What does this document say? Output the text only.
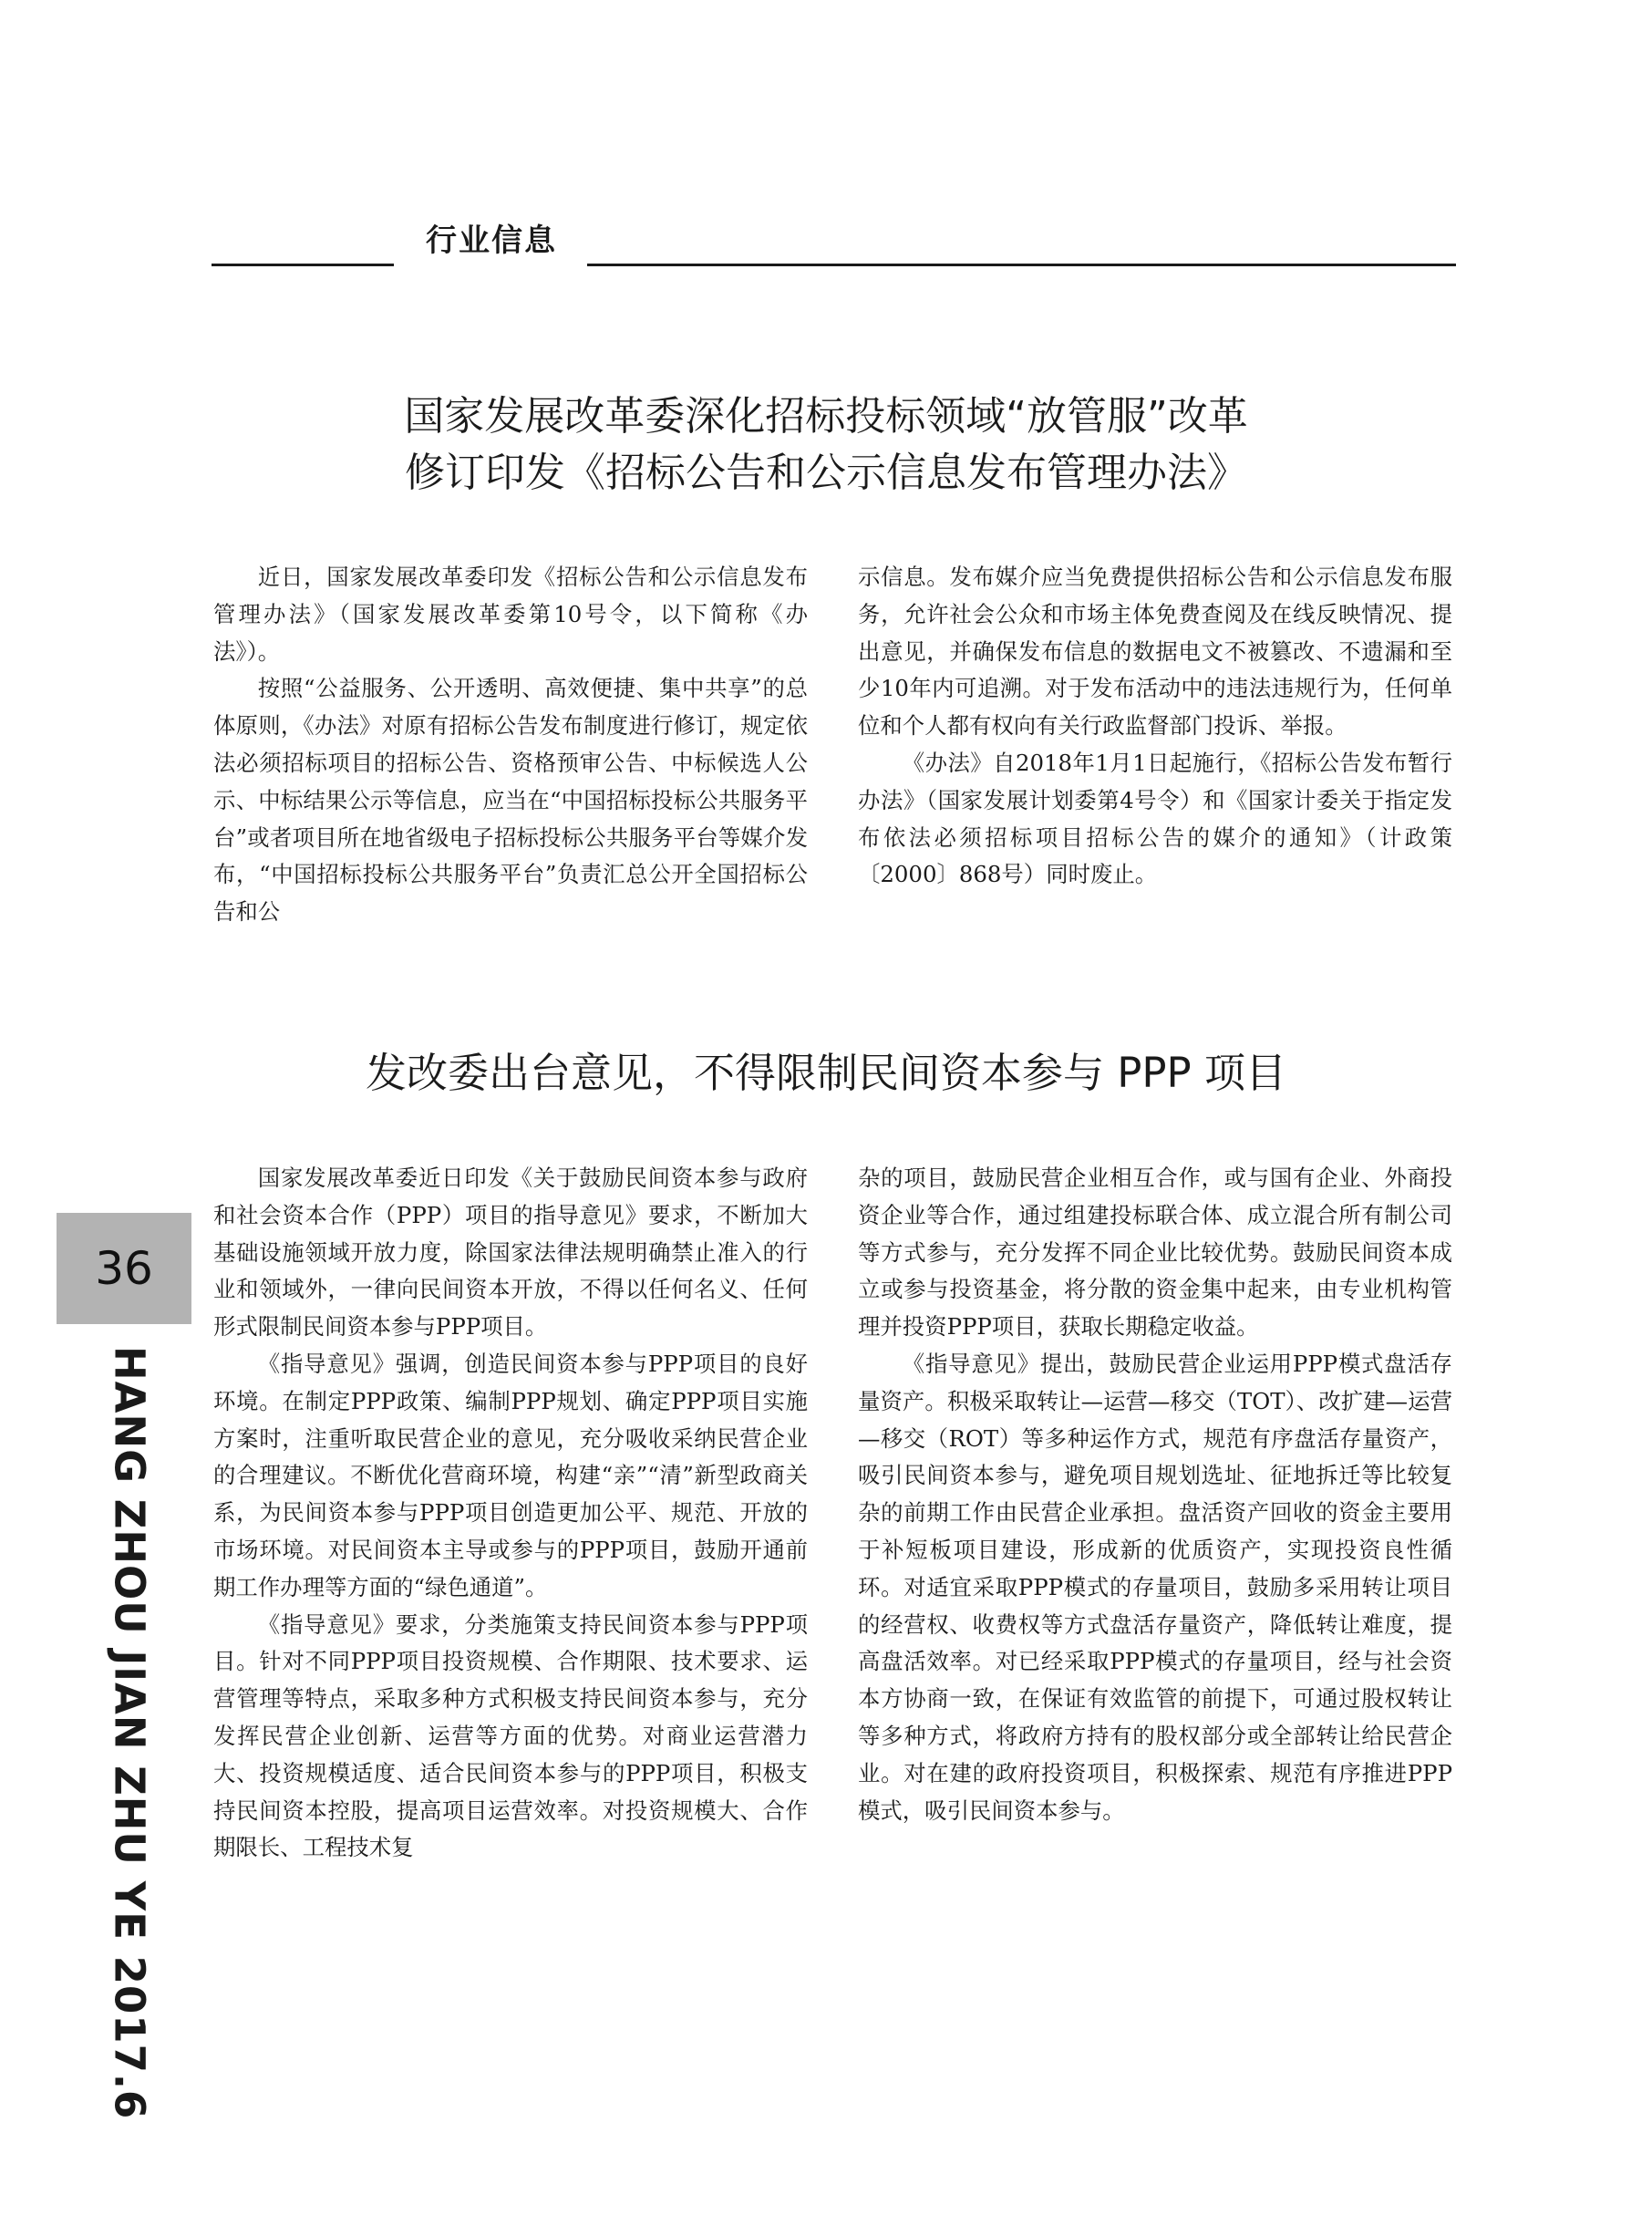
行业信息
国家发展改革委深化招标投标领域“放管服”改革
修订印发《招标公告和公示信息发布管理办法》

近日，国家发展改革委印发《招标公告和公示信息发布管理办法》（国家发展改革委第10号令，以下简称《办法》）。

按照“公益服务、公开透明、高效便捷、集中共享”的总体原则，《办法》对原有招标公告发布制度进行修订，规定依法必须招标项目的招标公告、资格预审公告、中标候选人公示、中标结果公示等信息，应当在“中国招标投标公共服务平台”或者项目所在地省级电子招标投标公共服务平台等媒介发布，“中国招标投标公共服务平台”负责汇总公开全国招标公告和公

示信息。发布媒介应当免费提供招标公告和公示信息发布服务，允许社会公众和市场主体免费查阅及在线反映情况、提出意见，并确保发布信息的数据电文不被篡改、不遗漏和至少10年内可追溯。对于发布活动中的违法违规行为，任何单位和个人都有权向有关行政监督部门投诉、举报。

《办法》自2018年1月1日起施行，《招标公告发布暂行办法》（国家发展计划委第4号令）和《国家计委关于指定发布依法必须招标项目招标公告的媒介的通知》（计政策〔2000〕868号）同时废止。

发改委出台意见，不得限制民间资本参与 PPP 项目

国家发展改革委近日印发《关于鼓励民间资本参与政府和社会资本合作（PPP）项目的指导意见》要求，不断加大基础设施领域开放力度，除国家法律法规明确禁止准入的行业和领域外，一律向民间资本开放，不得以任何名义、任何形式限制民间资本参与PPP项目。

《指导意见》强调，创造民间资本参与PPP项目的良好环境。在制定PPP政策、编制PPP规划、确定PPP项目实施方案时，注重听取民营企业的意见，充分吸收采纳民营企业的合理建议。不断优化营商环境，构建“亲”“清”新型政商关系，为民间资本参与PPP项目创造更加公平、规范、开放的市场环境。对民间资本主导或参与的PPP项目，鼓励开通前期工作办理等方面的“绿色通道”。

《指导意见》要求，分类施策支持民间资本参与PPP项目。针对不同PPP项目投资规模、合作期限、技术要求、运营管理等特点，采取多种方式积极支持民间资本参与，充分发挥民营企业创新、运营等方面的优势。对商业运营潜力大、投资规模适度、适合民间资本参与的PPP项目，积极支持民间资本控股，提高项目运营效率。对投资规模大、合作期限长、工程技术复

杂的项目，鼓励民营企业相互合作，或与国有企业、外商投资企业等合作，通过组建投标联合体、成立混合所有制公司等方式参与，充分发挥不同企业比较优势。鼓励民间资本成立或参与投资基金，将分散的资金集中起来，由专业机构管理并投资PPP项目，获取长期稳定收益。

《指导意见》提出，鼓励民营企业运用PPP模式盘活存量资产。积极采取转让—运营—移交（TOT）、改扩建—运营—移交（ROT）等多种运作方式，规范有序盘活存量资产，吸引民间资本参与，避免项目规划选址、征地拆迁等比较复杂的前期工作由民营企业承担。盘活资产回收的资金主要用于补短板项目建设，形成新的优质资产，实现投资良性循环。对适宜采取PPP模式的存量项目，鼓励多采用转让项目的经营权、收费权等方式盘活存量资产，降低转让难度，提高盘活效率。对已经采取PPP模式的存量项目，经与社会资本方协商一致，在保证有效监管的前提下，可通过股权转让等多种方式，将政府方持有的股权部分或全部转让给民营企业。对在建的政府投资项目，积极探索、规范有序推进PPP模式，吸引民间资本参与。

36
HANG ZHOU JIAN ZHU YE 2017.6
